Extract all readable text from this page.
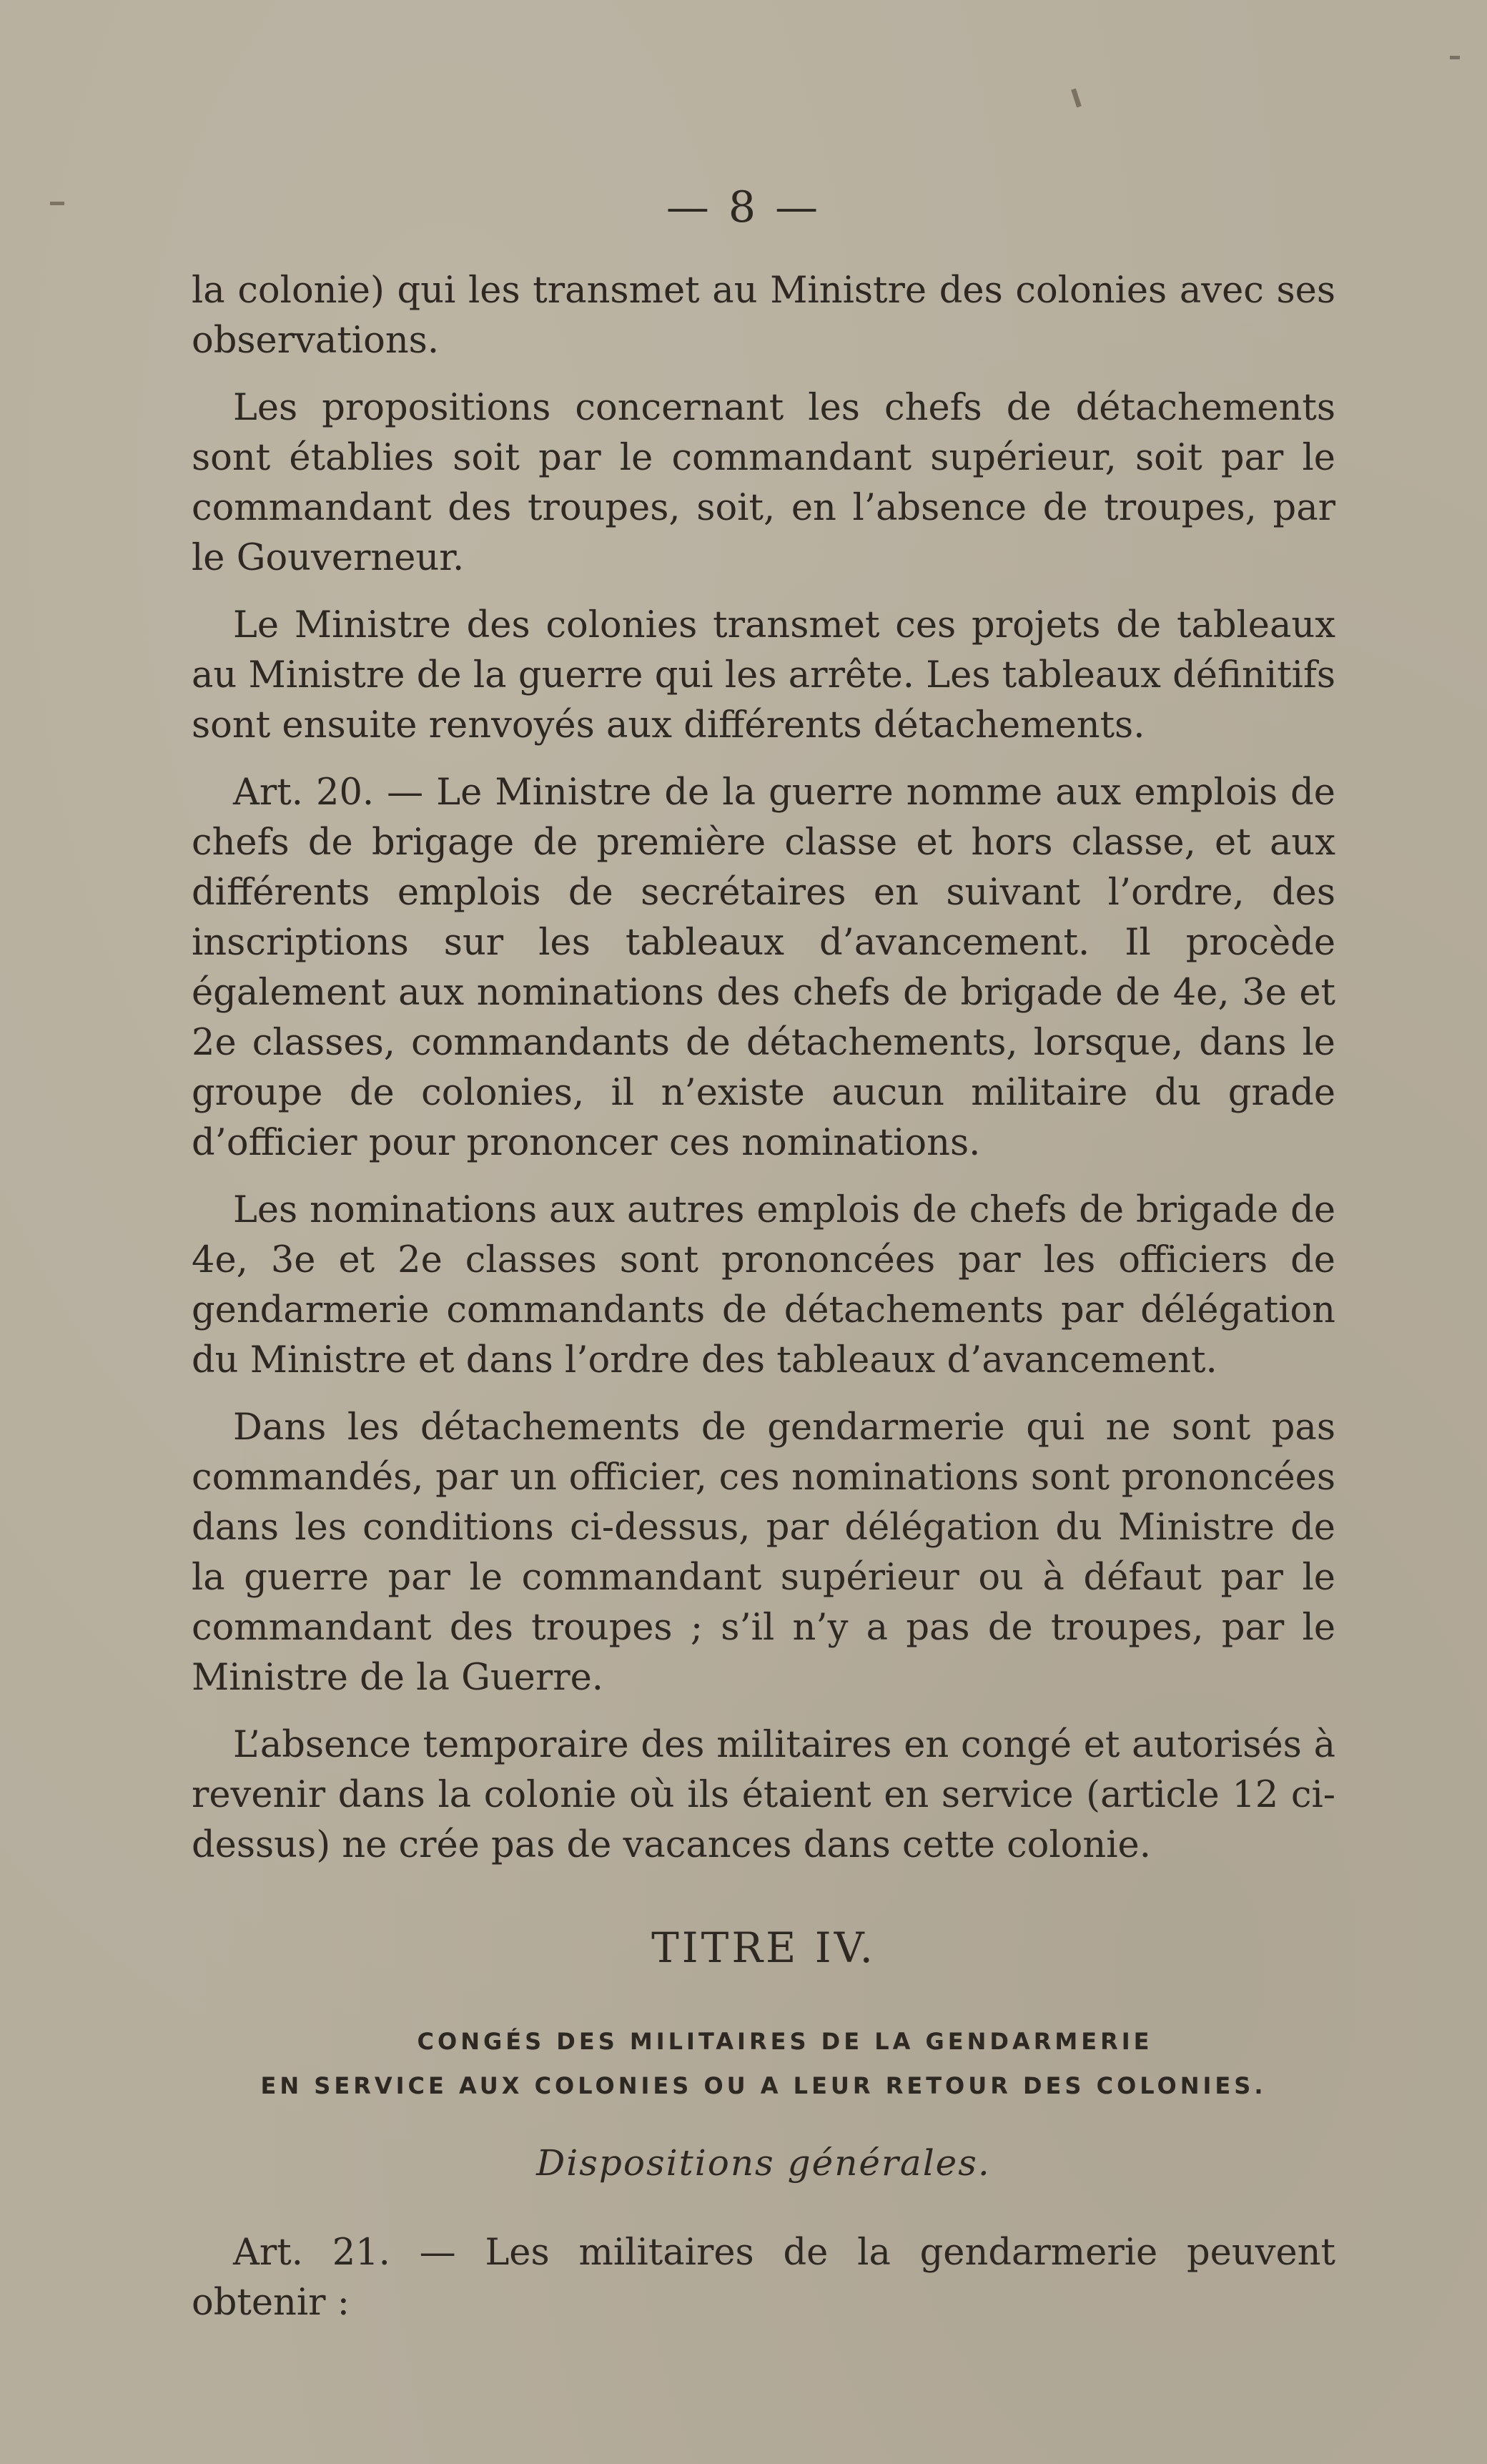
— 8 —

la colonie) qui les transmet au Ministre des colonies avec ses observations.

Les propositions concernant les chefs de détachements sont établies soit par le commandant supérieur, soit par le commandant des troupes, soit, en l’absence de troupes, par le Gouverneur.

Le Ministre des colonies transmet ces projets de tableaux au Ministre de la guerre qui les arrête. Les tableaux définitifs sont ensuite renvoyés aux différents détachements.

Art. 20. — Le Ministre de la guerre nomme aux emplois de chefs de brigage de première classe et hors classe, et aux différents emplois de secrétaires en suivant l’ordre, des inscriptions sur les tableaux d’avancement. Il procède également aux nominations des chefs de brigade de 4e, 3e et 2e classes, commandants de détachements, lorsque, dans le groupe de colonies, il n’existe aucun militaire du grade d’officier pour prononcer ces nominations.

Les nominations aux autres emplois de chefs de brigade de 4e, 3e et 2e classes sont prononcées par les officiers de gendarmerie commandants de détachements par délégation du Ministre et dans l’ordre des tableaux d’avancement.

Dans les détachements de gendarmerie qui ne sont pas commandés, par un officier, ces nominations sont prononcées dans les conditions ci-dessus, par délégation du Ministre de la guerre par le commandant supérieur ou à défaut par le commandant des troupes ; s’il n’y a pas de troupes, par le Ministre de la Guerre.

L’absence temporaire des militaires en congé et autorisés à revenir dans la colonie où ils étaient en service (article 12 ci-dessus) ne crée pas de vacances dans cette colonie.

TITRE IV.
CONGÉS DES MILITAIRES DE LA GENDARMERIE
EN SERVICE AUX COLONIES OU A LEUR RETOUR DES COLONIES.
Dispositions générales.

Art. 21. — Les militaires de la gendarmerie peuvent obtenir :
